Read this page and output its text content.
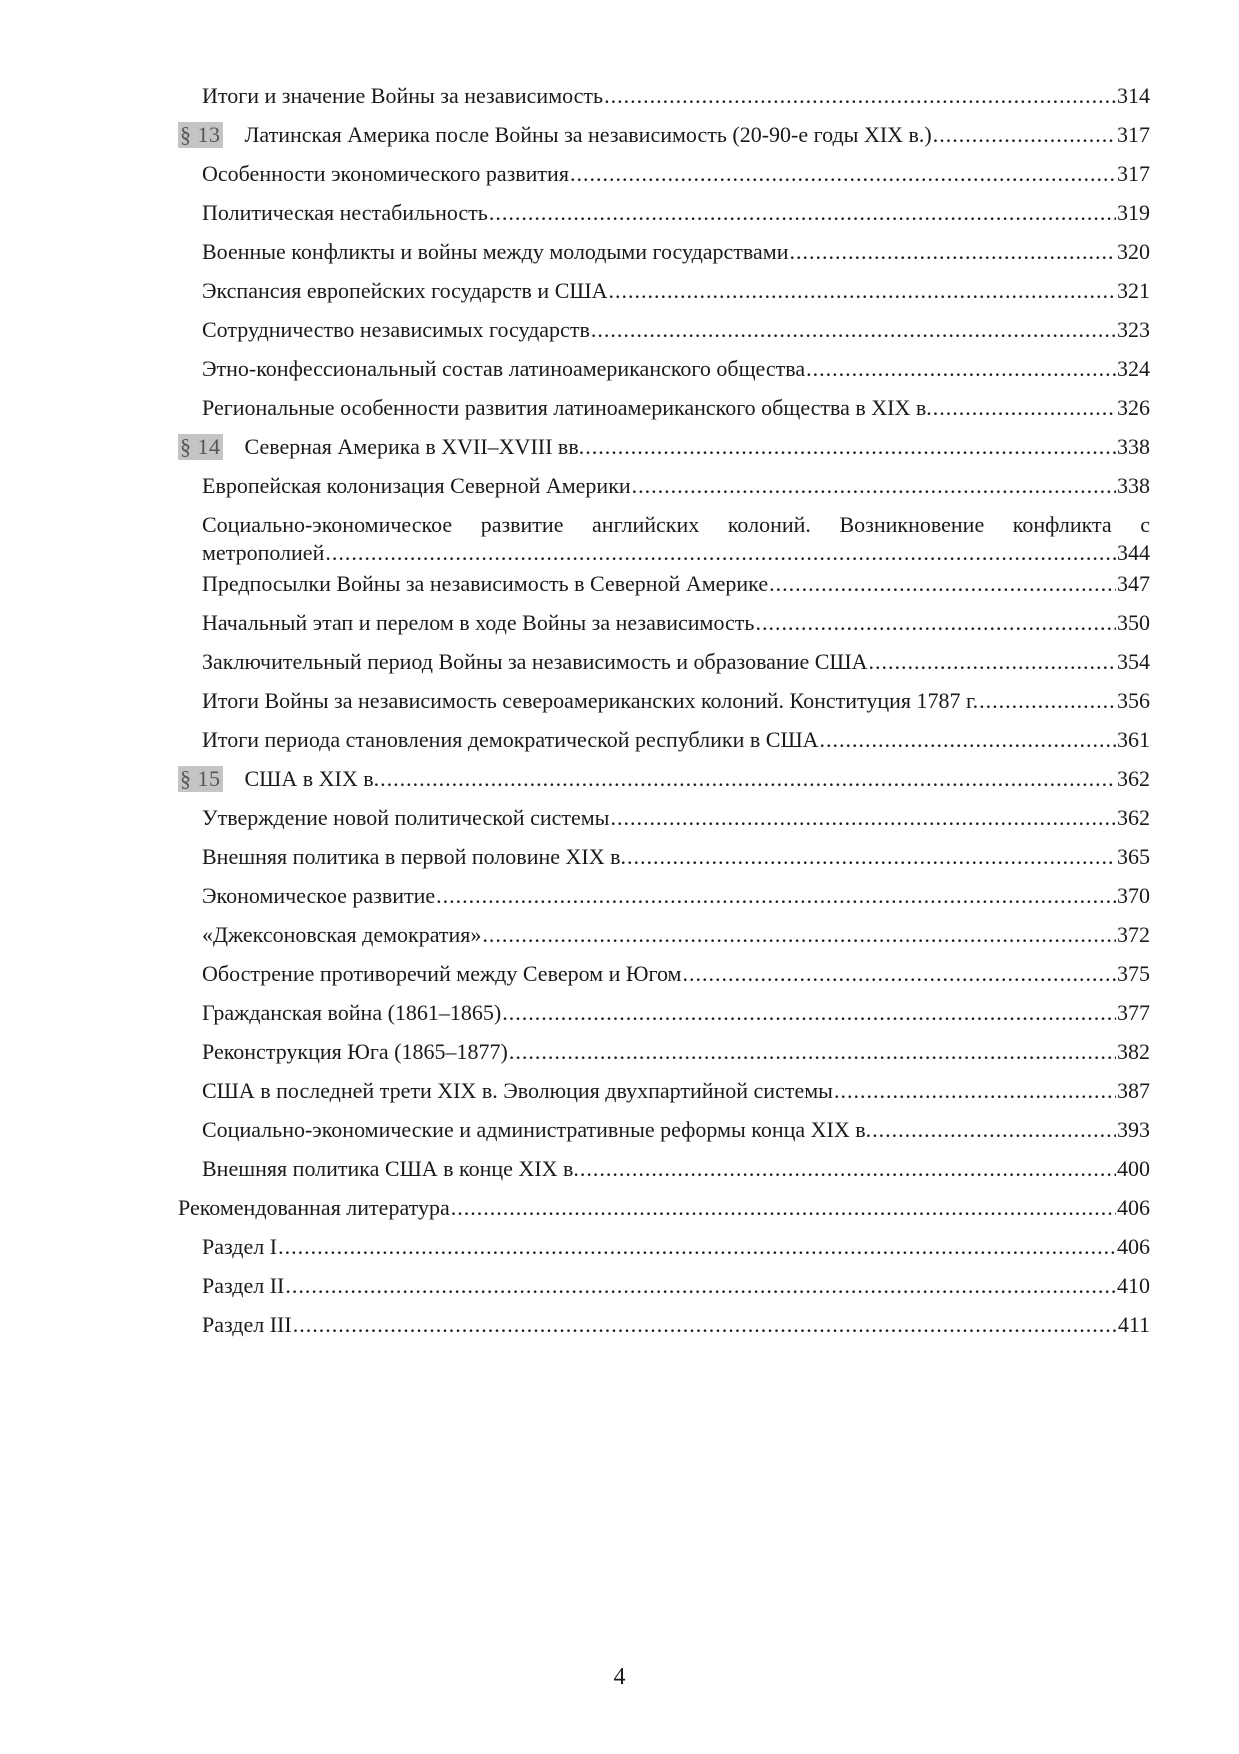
Итоги и значение Войны за независимость .....	314
§ 13 Латинская Америка после Войны за независимость (20-90-е годы XIX в.) .....	317
Особенности экономического развития .....	317
Политическая нестабильность .....	319
Военные конфликты и войны между молодыми государствами .....	320
Экспансия европейских государств и США .....	321
Сотрудничество независимых государств .....	323
Этно-конфессиональный состав латиноамериканского общества .....	324
Региональные особенности развития латиноамериканского общества в XIX в. .....	326
§ 14 Северная Америка в XVII–XVIII вв. .....	338
Европейская колонизация Северной Америки .....	338
Социально-экономическое развитие английских колоний. Возникновение конфликта с
метрополией .....	344
Предпосылки Войны за независимость в Северной Америке .....	347
Начальный этап и перелом в ходе Войны за независимость .....	350
Заключительный период Войны за независимость и образование США .....	354
Итоги Войны за независимость североамериканских колоний. Конституция 1787 г. .....	356
Итоги периода становления демократической республики в США .....	361
§ 15 США в XIX в. .....	362
Утверждение новой политической системы .....	362
Внешняя политика в первой половине XIX в. .....	365
Экономическое развитие .....	370
«Джексоновская демократия» .....	372
Обострение противоречий между Севером и Югом .....	375
Гражданская война (1861–1865) .....	377
Реконструкция Юга (1865–1877) .....	382
США в последней трети XIX в. Эволюция двухпартийной системы .....	387
Социально-экономические и административные реформы конца XIX в. .....	393
Внешняя политика США в конце XIX в. .....	400
Рекомендованная литература .....	406
Раздел I .....	406
Раздел II .....	410
Раздел III .....	411
4
